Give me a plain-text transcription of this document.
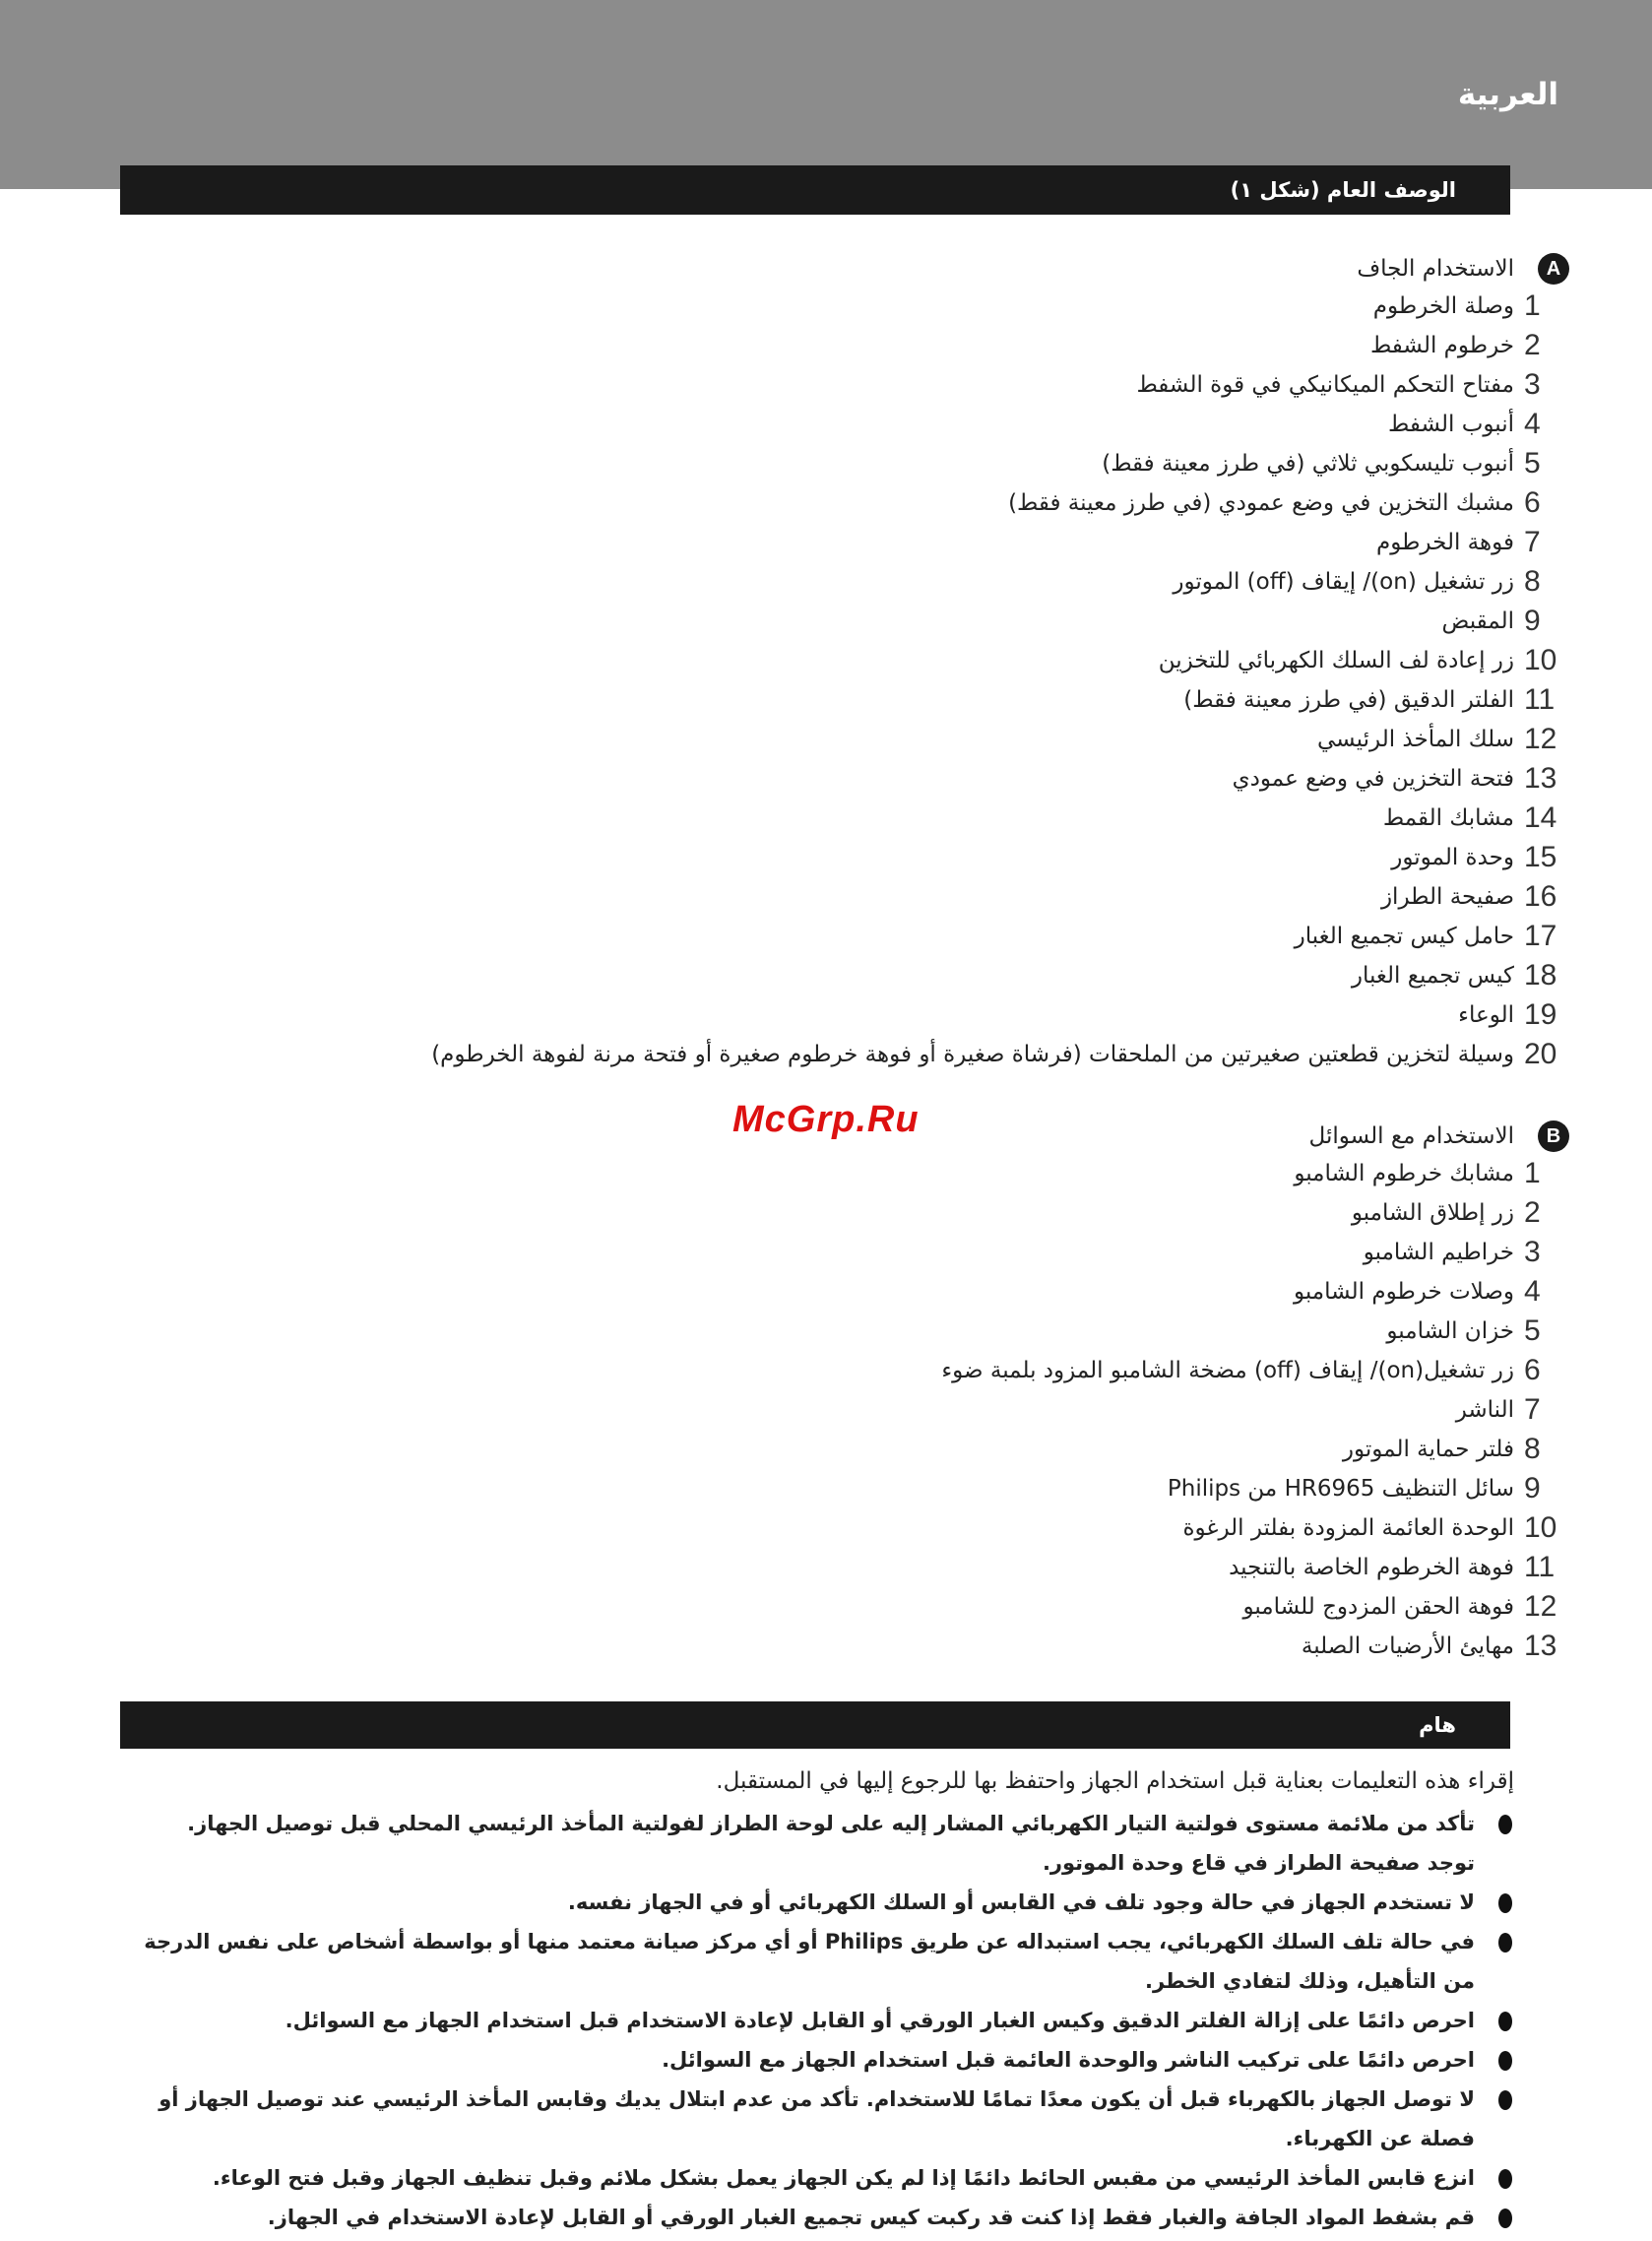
العربية
الوصف العام (شكل ١)
A
الاستخدام الجاف
1
وصلة الخرطوم
2
خرطوم الشفط
3
مفتاح التحكم الميكانيكي في قوة الشفط
4
أنبوب الشفط
5
أنبوب تليسكوبي ثلاثي (في طرز معينة فقط)
6
مشبك التخزين في وضع عمودي (في طرز معينة فقط)
7
فوهة الخرطوم
8
زر تشغيل (on)/ إيقاف (off) الموتور
9
المقبض
10
زر إعادة لف السلك الكهربائي للتخزين
11
الفلتر الدقيق (في طرز معينة فقط)
12
سلك المأخذ الرئيسي
13
فتحة التخزين في وضع عمودي
14
مشابك القمط
15
وحدة الموتور
16
صفيحة الطراز
17
حامل كيس تجميع الغبار
18
كيس تجميع الغبار
19
الوعاء
20
وسيلة لتخزين قطعتين صغيرتين من الملحقات (فرشاة صغيرة أو فوهة خرطوم صغيرة أو فتحة مرنة لفوهة الخرطوم)
McGrp.Ru	B
الاستخدام مع السوائل
1
مشابك خرطوم الشامبو
2
زر إطلاق الشامبو
3
خراطيم الشامبو
4
وصلات خرطوم الشامبو
5
خزان الشامبو
6
زر تشغيل(on)/ إيقاف (off) مضخة الشامبو المزود بلمبة ضوء
7
الناشر
8
فلتر حماية الموتور
9
سائل التنظيف HR6965 من Philips
10
الوحدة العائمة المزودة بفلتر الرغوة
11
فوهة الخرطوم الخاصة بالتنجيد
12
فوهة الحقن المزدوج للشامبو
13
مهايئ الأرضيات الصلبة
هام
إقراء هذه التعليمات بعناية قبل استخدام الجهاز واحتفظ بها للرجوع إليها في المستقبل.
تأكد من ملائمة مستوى فولتية التيار الكهربائي المشار إليه على لوحة الطراز لفولتية المأخذ الرئيسي المحلي قبل توصيل الجهاز. توجد صفيحة الطراز في قاع وحدة الموتور.
لا تستخدم الجهاز في حالة وجود تلف في القابس أو السلك الكهربائي أو في الجهاز نفسه.
في حالة تلف السلك الكهربائي، يجب استبداله عن طريق Philips أو أي مركز صيانة معتمد منها أو بواسطة أشخاص على نفس الدرجة من التأهيل، وذلك لتفادي الخطر.
احرص دائمًا على إزالة الفلتر الدقيق وكيس الغبار الورقي أو القابل لإعادة الاستخدام قبل استخدام الجهاز مع السوائل.
احرص دائمًا على تركيب الناشر والوحدة العائمة قبل استخدام الجهاز مع السوائل.
لا توصل الجهاز بالكهرباء قبل أن يكون معدًا تمامًا للاستخدام. تأكد من عدم ابتلال يديك وقابس المأخذ الرئيسي عند توصيل الجهاز أو فصلة عن الكهرباء.
انزع قابس المأخذ الرئيسي من مقبس الحائط دائمًا إذا لم يكن الجهاز يعمل بشكل ملائم وقبل تنظيف الجهاز وقبل فتح الوعاء.
قم بشفط المواد الجافة والغبار فقط إذا كنت قد ركبت كيس تجميع الغبار الورقي أو القابل لإعادة الاستخدام في الجهاز.
